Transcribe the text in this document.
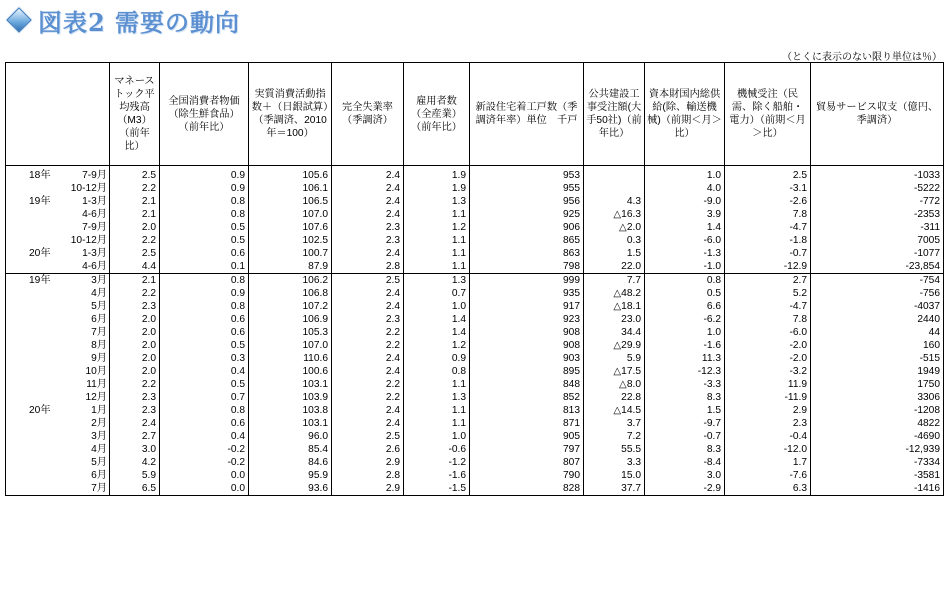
図表2 需要の動向
（とくに表示のない限り単位は％）
	マネーストック平均残高（M3）（前年比）	全国消費者物価（除生鮮食品）（前年比）	実質消費活動指数＋（日銀試算）（季調済、2010年＝100）	完全失業率（季調済）	雇用者数（全産業）（前年比）	新設住宅着工戸数（季調済年率）単位　千戸	公共建設工事受注額(大手50社)（前年比）	資本財国内総供給(除、輸送機械)（前期＜月＞比）	機械受注（民需、除く船舶・電力）（前期＜月＞比）	貿易サービス収支（億円、季調済）

18年 7-9月	2.5	0.9	105.6	2.4	1.9	953		1.0	2.5	-1033

10-12月	2.2	0.9	106.1	2.4	1.9	955		4.0	-3.1	-5222

19年 1-3月	2.1	0.8	106.5	2.4	1.3	956	4.3	-9.0	-2.6	-772

4-6月	2.1	0.8	107.0	2.4	1.1	925	△16.3	3.9	7.8	-2353

7-9月	2.0	0.5	107.6	2.3	1.2	906	△2.0	1.4	-4.7	-311

10-12月	2.2	0.5	102.5	2.3	1.1	865	0.3	-6.0	-1.8	7005

20年 1-3月	2.5	0.6	100.7	2.4	1.1	863	1.5	-1.3	-0.7	-1077

4-6月	4.4	0.1	87.9	2.8	1.1	798	22.0	-1.0	-12.9	-23,854

19年 3月	2.1	0.8	106.2	2.5	1.3	999	7.7	0.8	2.7	-754

4月	2.2	0.9	106.8	2.4	0.7	935	△48.2	0.5	5.2	-756

5月	2.3	0.8	107.2	2.4	1.0	917	△18.1	6.6	-4.7	-4037

6月	2.0	0.6	106.9	2.3	1.4	923	23.0	-6.2	7.8	2440

7月	2.0	0.6	105.3	2.2	1.4	908	34.4	1.0	-6.0	44

8月	2.0	0.5	107.0	2.2	1.2	908	△29.9	-1.6	-2.0	160

9月	2.0	0.3	110.6	2.4	0.9	903	5.9	11.3	-2.0	-515

10月	2.0	0.4	100.6	2.4	0.8	895	△17.5	-12.3	-3.2	1949

11月	2.2	0.5	103.1	2.2	1.1	848	△8.0	-3.3	11.9	1750

12月	2.3	0.7	103.9	2.2	1.3	852	22.8	8.3	-11.9	3306

20年 1月	2.3	0.8	103.8	2.4	1.1	813	△14.5	1.5	2.9	-1208

2月	2.4	0.6	103.1	2.4	1.1	871	3.7	-9.7	2.3	4822

3月	2.7	0.4	96.0	2.5	1.0	905	7.2	-0.7	-0.4	-4690

4月	3.0	-0.2	85.4	2.6	-0.6	797	55.5	8.3	-12.0	-12,939

5月	4.2	-0.2	84.6	2.9	-1.2	807	3.3	-8.4	1.7	-7334

6月	5.9	0.0	95.9	2.8	-1.6	790	15.0	3.0	-7.6	-3581

7月	6.5	0.0	93.6	2.9	-1.5	828	37.7	-2.9	6.3	-1416
